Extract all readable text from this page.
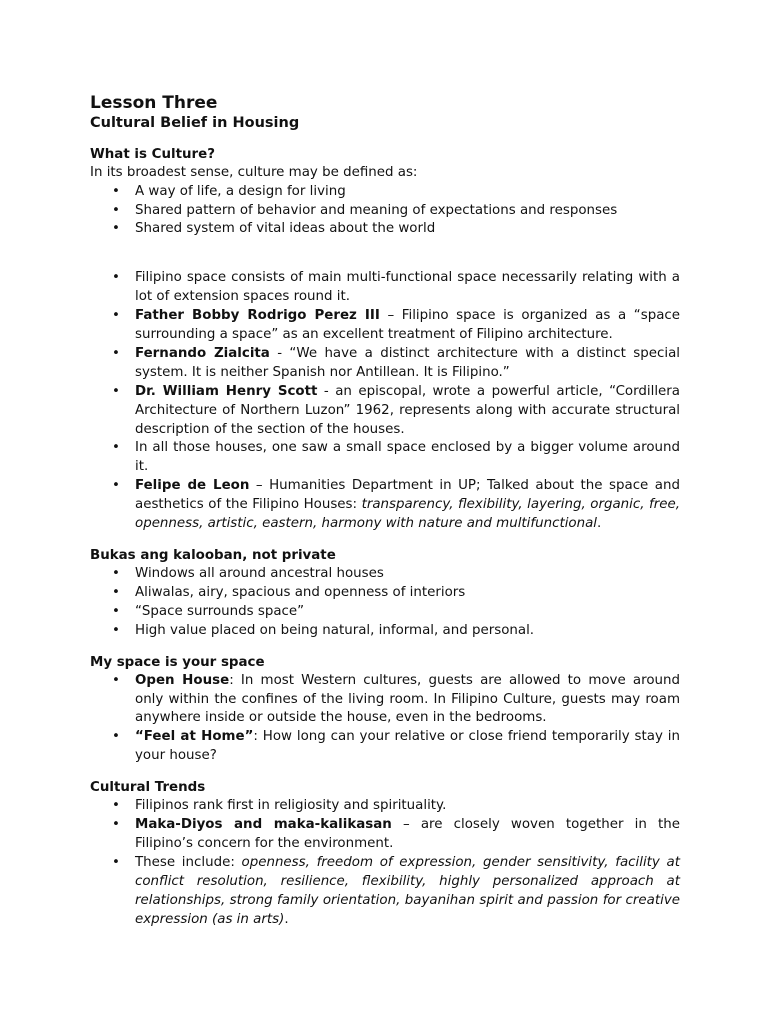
Lesson Three
Cultural Belief in Housing
What is Culture?
In its broadest sense, culture may be defined as:
• A way of life, a design for living
• Shared pattern of behavior and meaning of expectations and responses
• Shared system of vital ideas about the world
• Filipino space consists of main multi-functional space necessarily relating with a lot of extension spaces round it.
• Father Bobby Rodrigo Perez III – Filipino space is organized as a “space surrounding a space” as an excellent treatment of Filipino architecture.
• Fernando Zialcita - “We have a distinct architecture with a distinct special system. It is neither Spanish nor Antillean. It is Filipino.”
• Dr. William Henry Scott - an episcopal, wrote a powerful article, “Cordillera Architecture of Northern Luzon” 1962, represents along with accurate structural description of the section of the houses.
• In all those houses, one saw a small space enclosed by a bigger volume around it.
• Felipe de Leon – Humanities Department in UP; Talked about the space and aesthetics of the Filipino Houses: transparency, flexibility, layering, organic, free, openness, artistic, eastern, harmony with nature and multifunctional.
Bukas ang kalooban, not private
• Windows all around ancestral houses
• Aliwalas, airy, spacious and openness of interiors
• “Space surrounds space”
• High value placed on being natural, informal, and personal.
My space is your space
• Open House: In most Western cultures, guests are allowed to move around only within the confines of the living room. In Filipino Culture, guests may roam anywhere inside or outside the house, even in the bedrooms.
• “Feel at Home”: How long can your relative or close friend temporarily stay in your house?
Cultural Trends
• Filipinos rank first in religiosity and spirituality.
• Maka-Diyos and maka-kalikasan – are closely woven together in the Filipino’s concern for the environment.
• These include: openness, freedom of expression, gender sensitivity, facility at conflict resolution, resilience, flexibility, highly personalized approach at relationships, strong family orientation, bayanihan spirit and passion for creative expression (as in arts).
